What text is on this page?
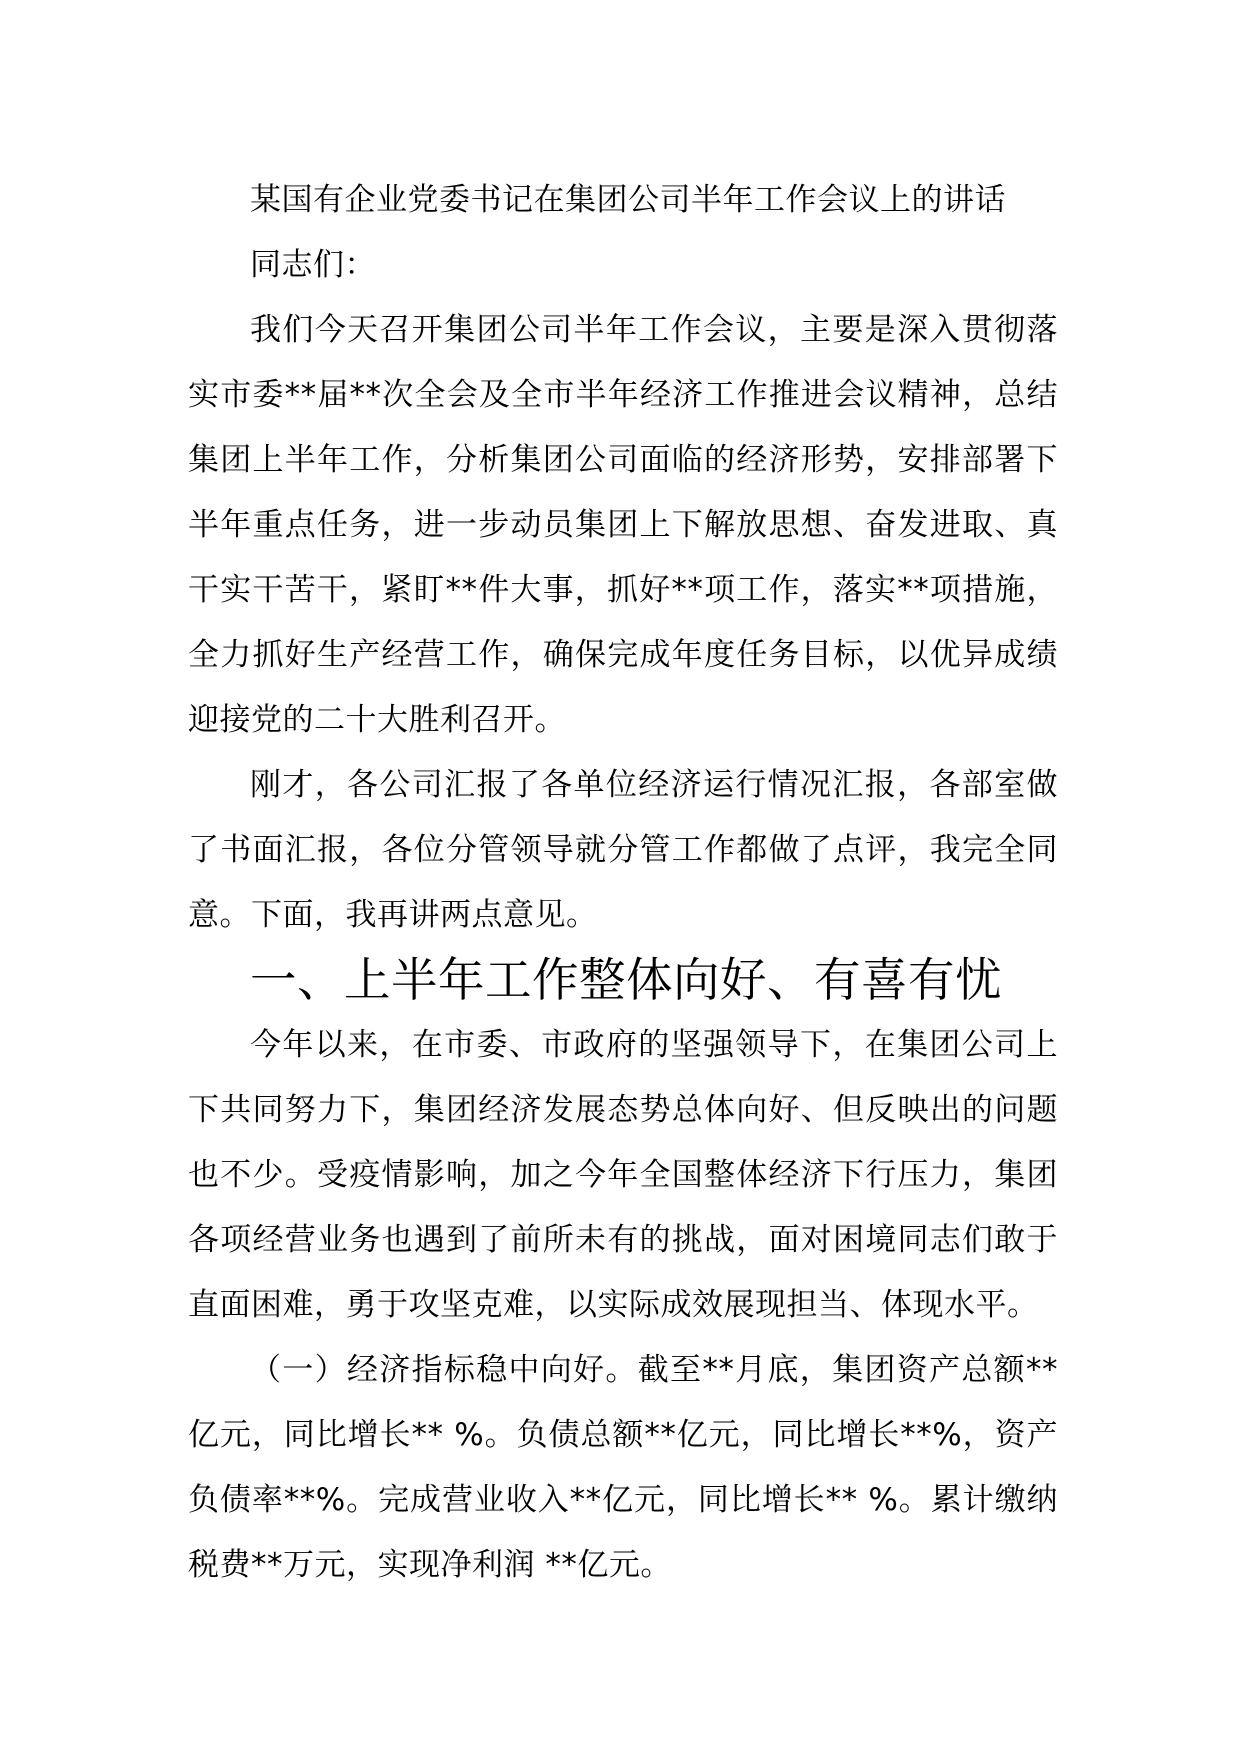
某国有企业党委书记在集团公司半年工作会议上的讲话

同志们：

我们今天召开集团公司半年工作会议，主要是深入贯彻落实市委**届**次全会及全市半年经济工作推进会议精神，总结集团上半年工作，分析集团公司面临的经济形势，安排部署下半年重点任务，进一步动员集团上下解放思想、奋发进取、真干实干苦干，紧盯**件大事，抓好**项工作，落实**项措施，全力抓好生产经营工作，确保完成年度任务目标，以优异成绩迎接党的二十大胜利召开。

刚才，各公司汇报了各单位经济运行情况汇报，各部室做了书面汇报，各位分管领导就分管工作都做了点评，我完全同意。下面，我再讲两点意见。

一、上半年工作整体向好、有喜有忧

今年以来，在市委、市政府的坚强领导下，在集团公司上下共同努力下，集团经济发展态势总体向好、但反映出的问题也不少。受疫情影响，加之今年全国整体经济下行压力，集团各项经营业务也遇到了前所未有的挑战，面对困境同志们敢于直面困难，勇于攻坚克难，以实际成效展现担当、体现水平。

（一）经济指标稳中向好。截至**月底，集团资产总额**亿元，同比增长** %。负债总额**亿元，同比增长**%，资产负债率**%。完成营业收入**亿元，同比增长** %。累计缴纳税费**万元，实现净利润 **亿元。
